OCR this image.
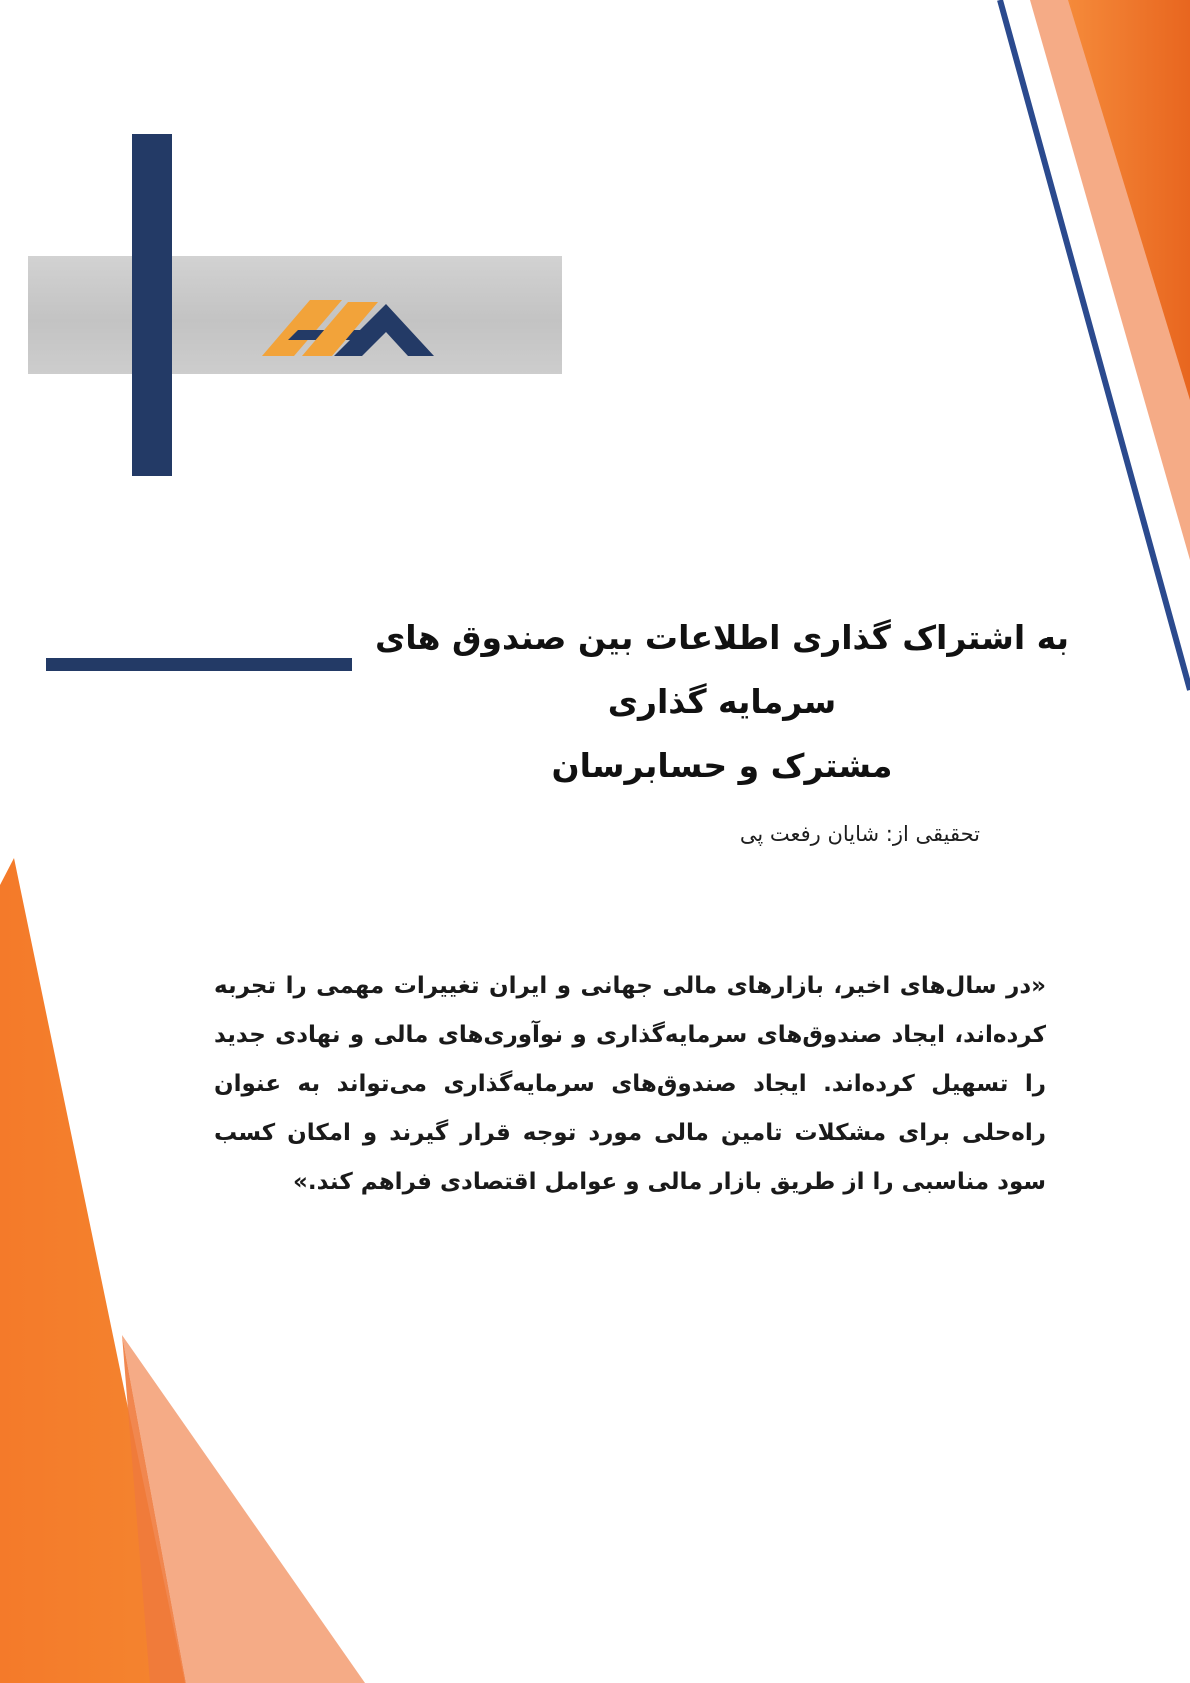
به اشتراک گذاری اطلاعات بین صندوق های سرمایه گذاری
مشترک و حسابرسان

تحقیقی از: شایان رفعت پی

«در سال‌های اخیر، بازارهای مالی جهانی و ایران تغییرات مهمی را تجربه کرده‌اند، ایجاد صندوق‌های سرمایه‌گذاری و نوآوری‌های مالی و نهادی جدید را تسهیل کرده‌اند. ایجاد صندوق‌های سرمایه‌گذاری می‌تواند به عنوان راه‌حلی برای مشکلات تامین مالی مورد توجه قرار گیرند و امکان کسب سود مناسبی را از طریق بازار مالی و عوامل اقتصادی فراهم کند.»
